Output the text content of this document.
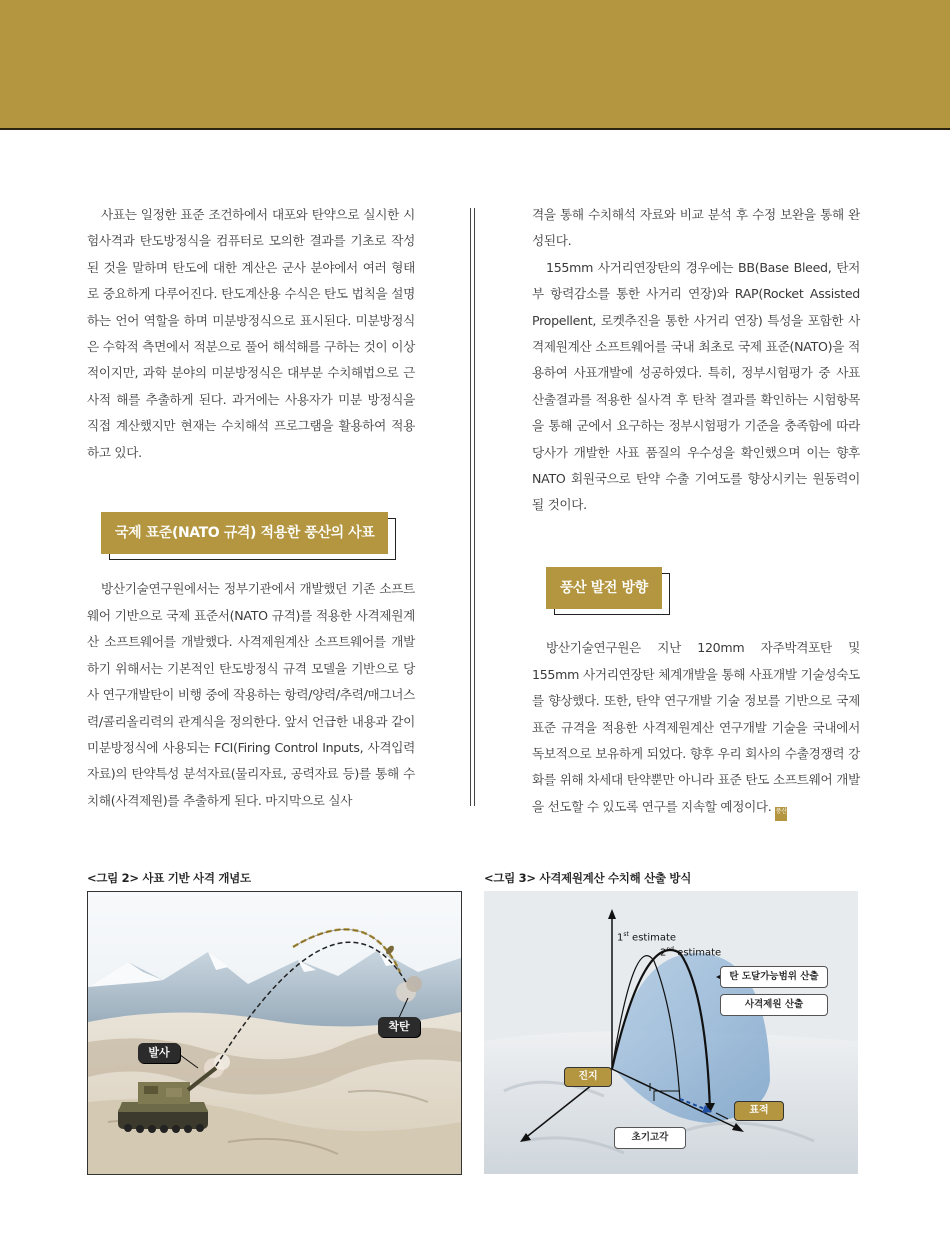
사표는 일정한 표준 조건하에서 대포와 탄약으로 실시한 시험사격과 탄도방정식을 컴퓨터로 모의한 결과를 기초로 작성된 것을 말하며 탄도에 대한 계산은 군사 분야에서 여러 형태로 중요하게 다루어진다. 탄도계산용 수식은 탄도 법칙을 설명하는 언어 역할을 하며 미분방정식으로 표시된다. 미분방정식은 수학적 측면에서 적분으로 풀어 해석해를 구하는 것이 이상적이지만, 과학 분야의 미분방정식은 대부분 수치해법으로 근사적 해를 추출하게 된다. 과거에는 사용자가 미분 방정식을 직접 계산했지만 현재는 수치해석 프로그램을 활용하여 적용하고 있다.

국제 표준(NATO 규격) 적용한 풍산의 사표

방산기술연구원에서는 정부기관에서 개발했던 기존 소프트웨어 기반으로 국제 표준서(NATO 규격)를 적용한 사격제원계산 소프트웨어를 개발했다. 사격제원계산 소프트웨어를 개발하기 위해서는 기본적인 탄도방정식 규격 모델을 기반으로 당사 연구개발탄이 비행 중에 작용하는 항력/양력/추력/매그너스력/콜리올리력의 관계식을 정의한다. 앞서 언급한 내용과 같이 미분방정식에 사용되는 FCI(Firing Control Inputs, 사격입력자료)의 탄약특성 분석자료(물리자료, 공력자료 등)를 통해 수치해(사격제원)를 추출하게 된다. 마지막으로 실사

격을 통해 수치해석 자료와 비교 분석 후 수정 보완을 통해 완성된다.

155mm 사거리연장탄의 경우에는 BB(Base Bleed, 탄저부 항력감소를 통한 사거리 연장)와 RAP(Rocket Assisted Propellent, 로켓추진을 통한 사거리 연장) 특성을 포함한 사격제원계산 소프트웨어를 국내 최초로 국제 표준(NATO)을 적용하여 사표개발에 성공하였다. 특히, 정부시험평가 중 사표 산출결과를 적용한 실사격 후 탄착 결과를 확인하는 시험항목을 통해 군에서 요구하는 정부시험평가 기준을 충족함에 따라 당사가 개발한 사표 품질의 우수성을 확인했으며 이는 향후 NATO 회원국으로 탄약 수출 기여도를 향상시키는 원동력이 될 것이다.

풍산 발전 방향

방산기술연구원은 지난 120mm 자주박격포탄 및 155mm 사거리연장탄 체계개발을 통해 사표개발 기술성숙도를 향상했다. 또한, 탄약 연구개발 기술 정보를 기반으로 국제표준 규격을 적용한 사격제원계산 연구개발 기술을 국내에서 독보적으로 보유하게 되었다. 향후 우리 회사의 수출경쟁력 강화를 위해 차세대 탄약뿐만 아니라 표준 탄도 소프트웨어 개발을 선도할 수 있도록 연구를 지속할 예정이다. 풍산

<그림 2> 사표 기반 사격 개념도
발사
착탄
<그림 3> 사격제원계산 수치해 산출 방식
1st estimate
2nd estimate
탄 도달가능범위 산출
사격제원 산출
진지
표적
초기고각
